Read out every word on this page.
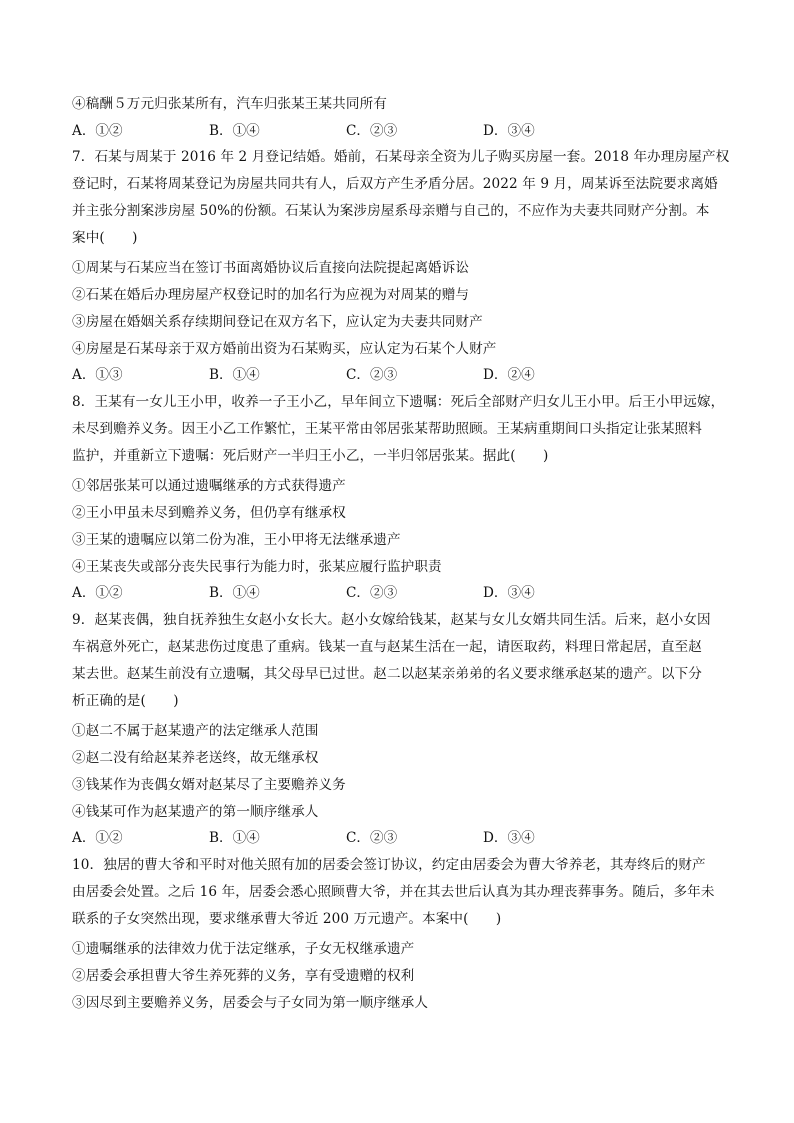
④稿酬５万元归张某所有，汽车归张某王某共同所有
A．①②	B．①④	C．②③	D．③④
7．石某与周某于 2016 年 2 月登记结婚。婚前，石某母亲全资为儿子购买房屋一套。2018 年办理房屋产权
登记时，石某将周某登记为房屋共同共有人，后双方产生矛盾分居。2022 年 9 月，周某诉至法院要求离婚
并主张分割案涉房屋 50%的份额。石某认为案涉房屋系母亲赠与自己的，不应作为夫妻共同财产分割。本
案中(　　)
①周某与石某应当在签订书面离婚协议后直接向法院提起离婚诉讼
②石某在婚后办理房屋产权登记时的加名行为应视为对周某的赠与
③房屋在婚姻关系存续期间登记在双方名下，应认定为夫妻共同财产
④房屋是石某母亲于双方婚前出资为石某购买，应认定为石某个人财产
A．①③	B．①④	C．②③	D．②④
8．王某有一女儿王小甲，收养一子王小乙，早年间立下遗嘱：死后全部财产归女儿王小甲。后王小甲远嫁，
未尽到赡养义务。因王小乙工作繁忙，王某平常由邻居张某帮助照顾。王某病重期间口头指定让张某照料
监护，并重新立下遗嘱：死后财产一半归王小乙，一半归邻居张某。据此(　　)
①邻居张某可以通过遗嘱继承的方式获得遗产
②王小甲虽未尽到赡养义务，但仍享有继承权
③王某的遗嘱应以第二份为准，王小甲将无法继承遗产
④王某丧失或部分丧失民事行为能力时，张某应履行监护职责
A．①②	B．①④	C．②③	D．③④
9．赵某丧偶，独自抚养独生女赵小女长大。赵小女嫁给钱某，赵某与女儿女婿共同生活。后来，赵小女因
车祸意外死亡，赵某悲伤过度患了重病。钱某一直与赵某生活在一起，请医取药，料理日常起居，直至赵
某去世。赵某生前没有立遗嘱，其父母早已过世。赵二以赵某亲弟弟的名义要求继承赵某的遗产。以下分
析正确的是(　　)
①赵二不属于赵某遗产的法定继承人范围
②赵二没有给赵某养老送终，故无继承权
③钱某作为丧偶女婿对赵某尽了主要赡养义务
④钱某可作为赵某遗产的第一顺序继承人
A．①②	B．①④	C．②③	D．③④
10．独居的曹大爷和平时对他关照有加的居委会签订协议，约定由居委会为曹大爷养老，其寿终后的财产
由居委会处置。之后 16 年，居委会悉心照顾曹大爷，并在其去世后认真为其办理丧葬事务。随后，多年未
联系的子女突然出现，要求继承曹大爷近 200 万元遗产。本案中(　　)
①遗嘱继承的法律效力优于法定继承，子女无权继承遗产
②居委会承担曹大爷生养死葬的义务，享有受遗赠的权利
③因尽到主要赡养义务，居委会与子女同为第一顺序继承人
